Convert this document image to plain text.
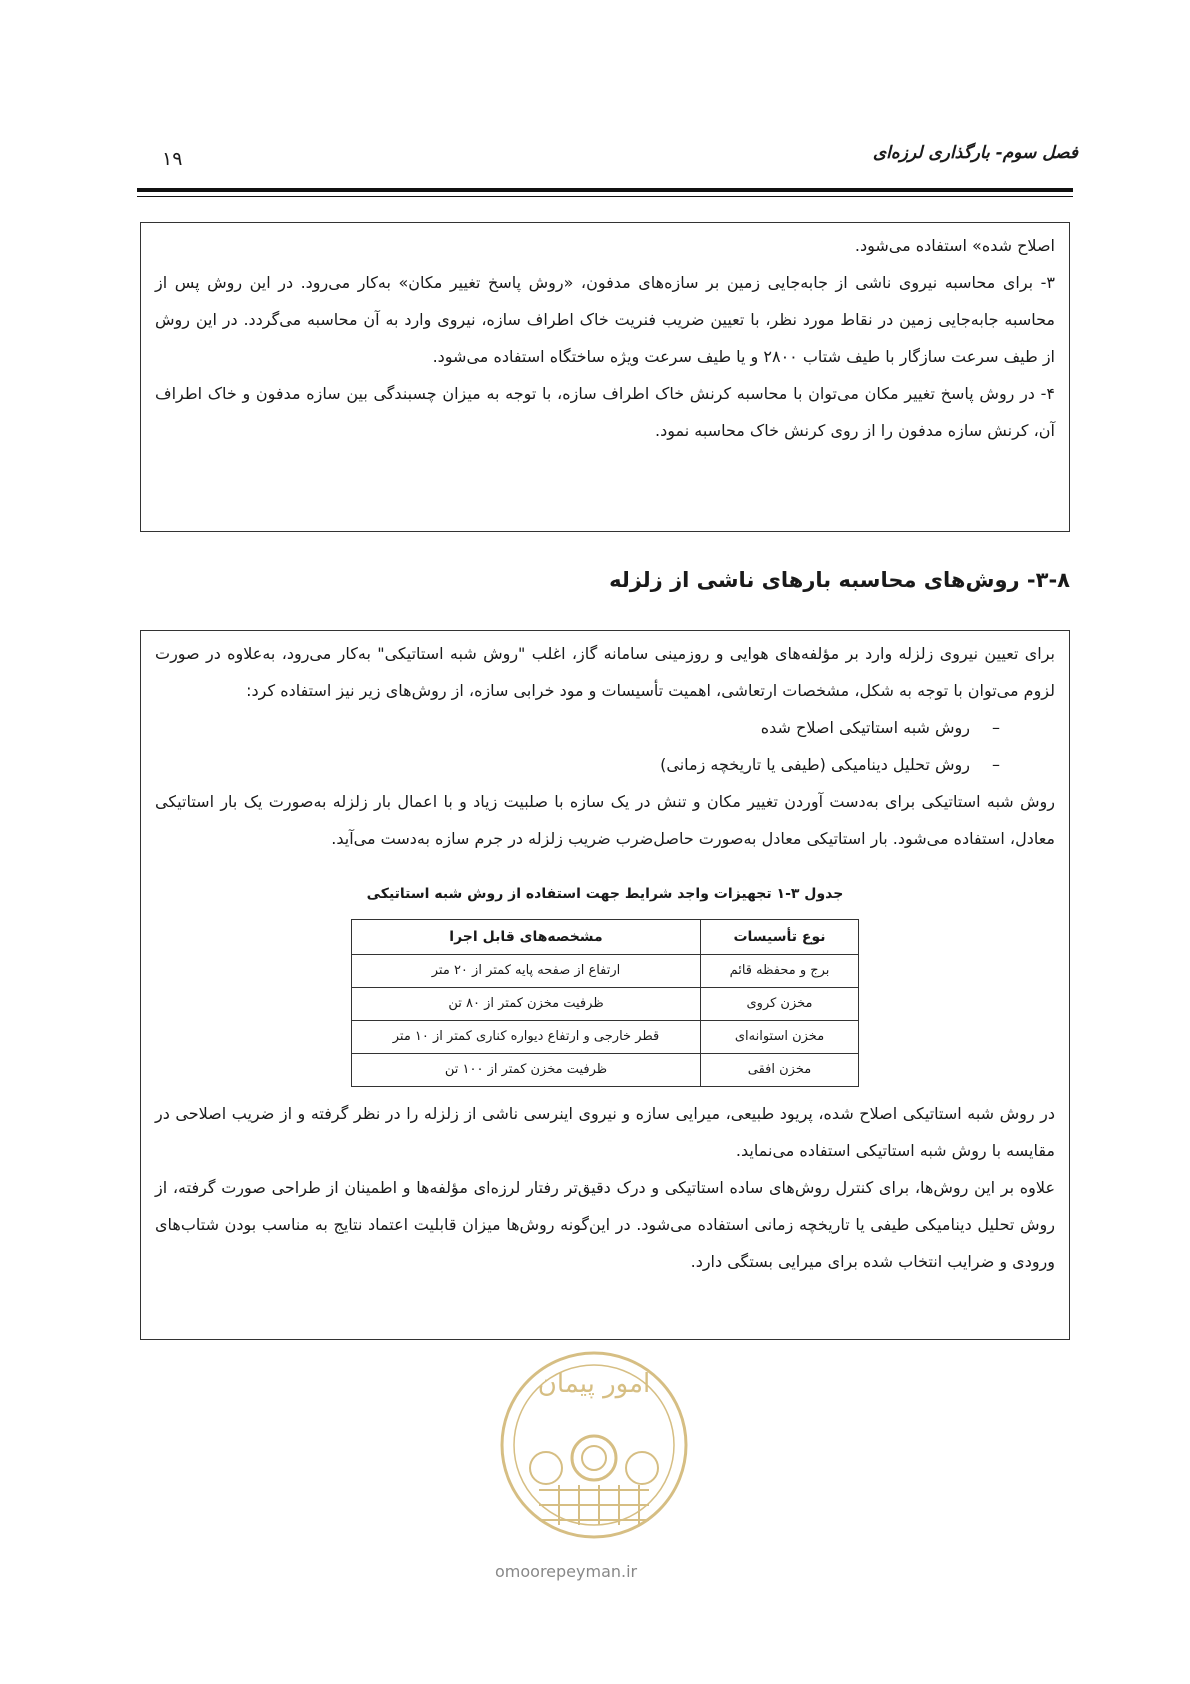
۱۹	فصل سوم- بارگذاری لرزه‌ای

اصلاح شده» استفاده می‌شود.

۳- برای محاسبه نیروی ناشی از جابه‌جایی زمین بر سازه‌های مدفون، «روش پاسخ تغییر مکان» به‌کار می‌رود. در این روش پس از محاسبه جابه‌جایی زمین در نقاط مورد نظر، با تعیین ضریب فنریت خاک اطراف سازه، نیروی وارد به آن محاسبه می‌گردد. در این روش از طیف سرعت سازگار با طیف شتاب ۲۸۰۰ و یا طیف سرعت ویژه ساختگاه استفاده می‌شود.

۴- در روش پاسخ تغییر مکان می‌توان با محاسبه کرنش خاک اطراف سازه، با توجه به میزان چسبندگی بین سازه مدفون و خاک اطراف آن، کرنش سازه مدفون را از روی کرنش خاک محاسبه نمود.

۳-۸- روش‌های محاسبه بارهای ناشی از زلزله

برای تعیین نیروی زلزله وارد بر مؤلفه‌های هوایی و روزمینی سامانه گاز، اغلب "روش شبه استاتیکی" به‌کار می‌رود، به‌علاوه در صورت لزوم می‌توان با توجه به شکل، مشخصات ارتعاشی، اهمیت تأسیسات و مود خرابی سازه، از روش‌های زیر نیز استفاده کرد:

–روش شبه استاتیکی اصلاح شده

–روش تحلیل دینامیکی (طیفی یا تاریخچه زمانی)

روش شبه استاتیکی برای به‌دست آوردن تغییر مکان و تنش در یک سازه با صلبیت زیاد و با اعمال بار زلزله به‌صورت یک بار استاتیکی معادل، استفاده می‌شود. بار استاتیکی معادل به‌صورت حاصل‌ضرب ضریب زلزله در جرم سازه به‌دست می‌آید.

جدول ۳-۱ تجهیزات واجد شرایط جهت استفاده از روش شبه استاتیکی
نوع تأسیسات	مشخصه‌های قابل اجرا
برج و محفظه قائم	ارتفاع از صفحه پایه کمتر از ۲۰ متر
مخزن کروی	ظرفیت مخزن کمتر از ۸۰ تن
مخزن استوانه‌ای	قطر خارجی و ارتفاع دیواره کناری کمتر از ۱۰ متر
مخزن افقی	ظرفیت مخزن کمتر از ۱۰۰ تن

در روش شبه استاتیکی اصلاح شده، پریود طبیعی، میرایی سازه و نیروی اینرسی ناشی از زلزله را در نظر گرفته و از ضریب اصلاحی در مقایسه با روش شبه استاتیکی استفاده می‌نماید.

علاوه بر این روش‌ها، برای کنترل روش‌های ساده استاتیکی و درک دقیق‌تر رفتار لرزه‌ای مؤلفه‌ها و اطمینان از طراحی صورت گرفته، از روش تحلیل دینامیکی طیفی یا تاریخچه زمانی استفاده می‌شود. در این‌گونه روش‌ها میزان قابلیت اعتماد نتایج به مناسب بودن شتاب‌های ورودی و ضرایب انتخاب شده برای میرایی بستگی دارد.

امور پیمان
omoorepeyman.ir
